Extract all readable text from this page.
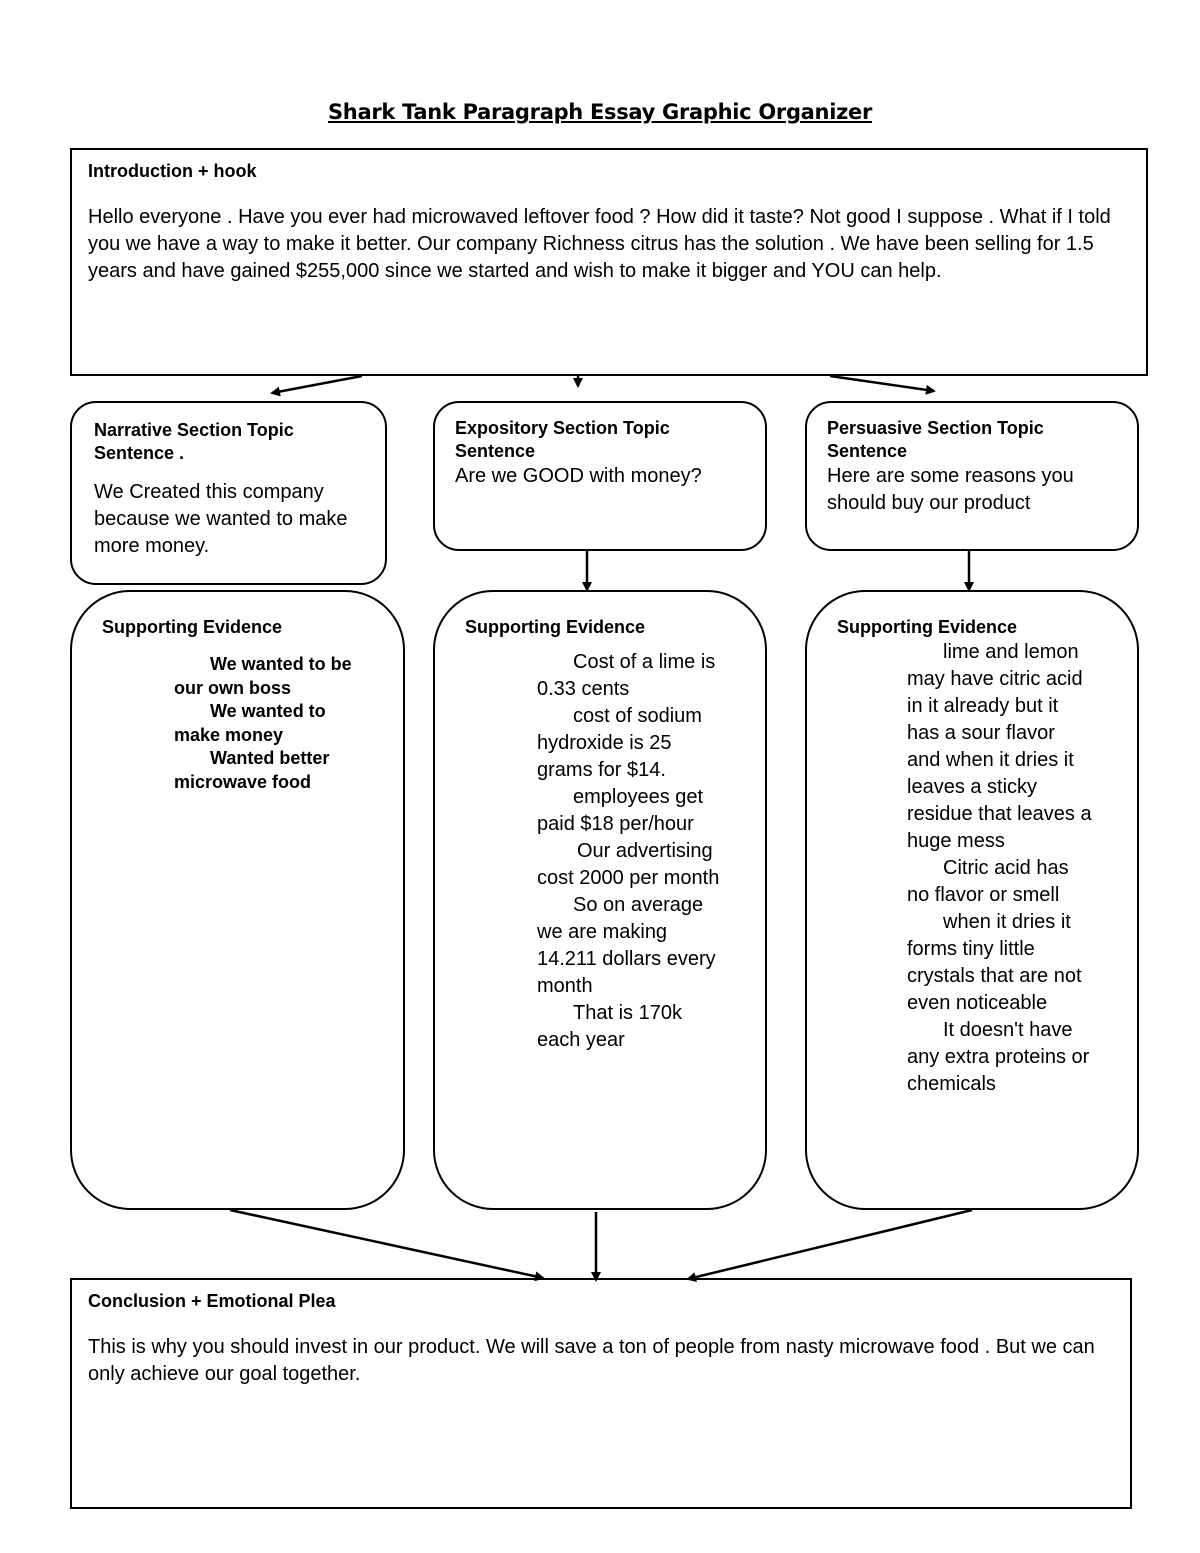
Shark Tank Paragraph Essay Graphic Organizer
Introduction + hook
Hello everyone . Have you ever had microwaved leftover food ? How did it taste? Not good I suppose . What if I told you we have a way to make it better. Our company Richness citrus has the solution . We have been selling for 1.5 years and have gained $255,000 since we started and wish to make it bigger and YOU can help.
Narrative Section Topic
Sentence .
We Created this company because we wanted to make more money.
Expository Section Topic
Sentence
Are we GOOD with money?
Persuasive Section Topic
Sentence
Here are some reasons you should buy our product
Supporting Evidence
We wanted to be
our own boss
We wanted to
make money
Wanted better
microwave food
Supporting Evidence
Cost of a lime is
0.33 cents
cost of sodium
hydroxide is 25
grams for $14.
employees get
paid $18 per/hour
Our advertising
cost 2000 per month
So on average
we are making
14.211 dollars every
month
That is 170k
each year
Supporting Evidence
lime and lemon
may have citric acid
in it already but it
has a sour flavor
and when it dries it
leaves a sticky
residue that leaves a
huge mess
Citric acid has
no flavor or smell
when it dries it
forms tiny little
crystals that are not
even noticeable
It doesn't have
any extra proteins or
chemicals
Conclusion + Emotional Plea
This is why you should invest in our product. We will save a ton of people from nasty microwave food . But we can only achieve our goal together.
